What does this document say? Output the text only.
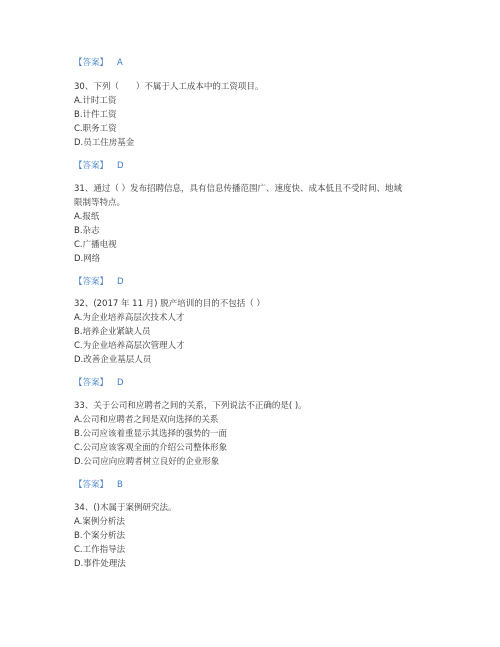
【答案】 A
30、下列（　　）不属于人工成本中的工资项目。
A.计时工资
B.计件工资
C.职务工资
D.员工住房基金
【答案】 D
31、通过（ ）发布招聘信息，具有信息传播范围广、速度快、成本低且不受时间、地域
限制等特点。
A.报纸
B.杂志
C.广播电视
D.网络
【答案】 D
32、(2017 年 11 月) 脱产培训的目的不包括（ ）
A.为企业培养高层次技术人才
B.培养企业紧缺人员
C.为企业培养高层次管理人才
D.改善企业基层人员
【答案】 D
33、关于公司和应聘者之间的关系，下列说法不正确的是( )。
A.公司和应聘者之间是双向选择的关系
B.公司应该着重显示其选择的强势的一面
C.公司应该客观全面的介绍公司整体形象
D.公司应向应聘者树立良好的企业形象
【答案】 B
34、()木属于案例研究法。
A.案例分析法
B.个案分析法
C.工作指导法
D.事件处理法
